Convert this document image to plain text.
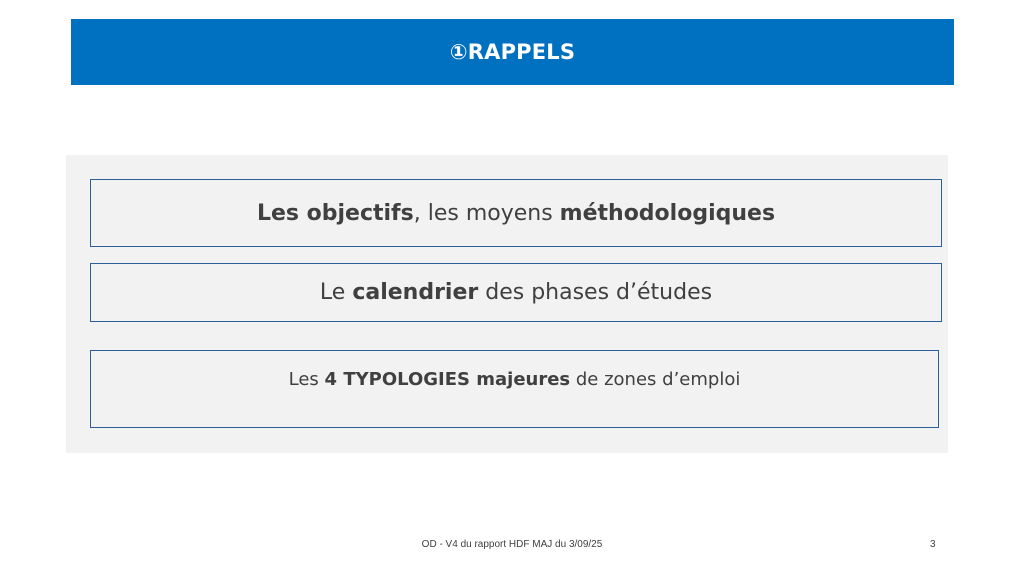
①RAPPELS
Les objectifs, les moyens méthodologiques
Le calendrier des phases d’études
Les 4 TYPOLOGIES majeures de zones d’emploi
OD - V4 du rapport HDF MAJ du 3/09/25	3
